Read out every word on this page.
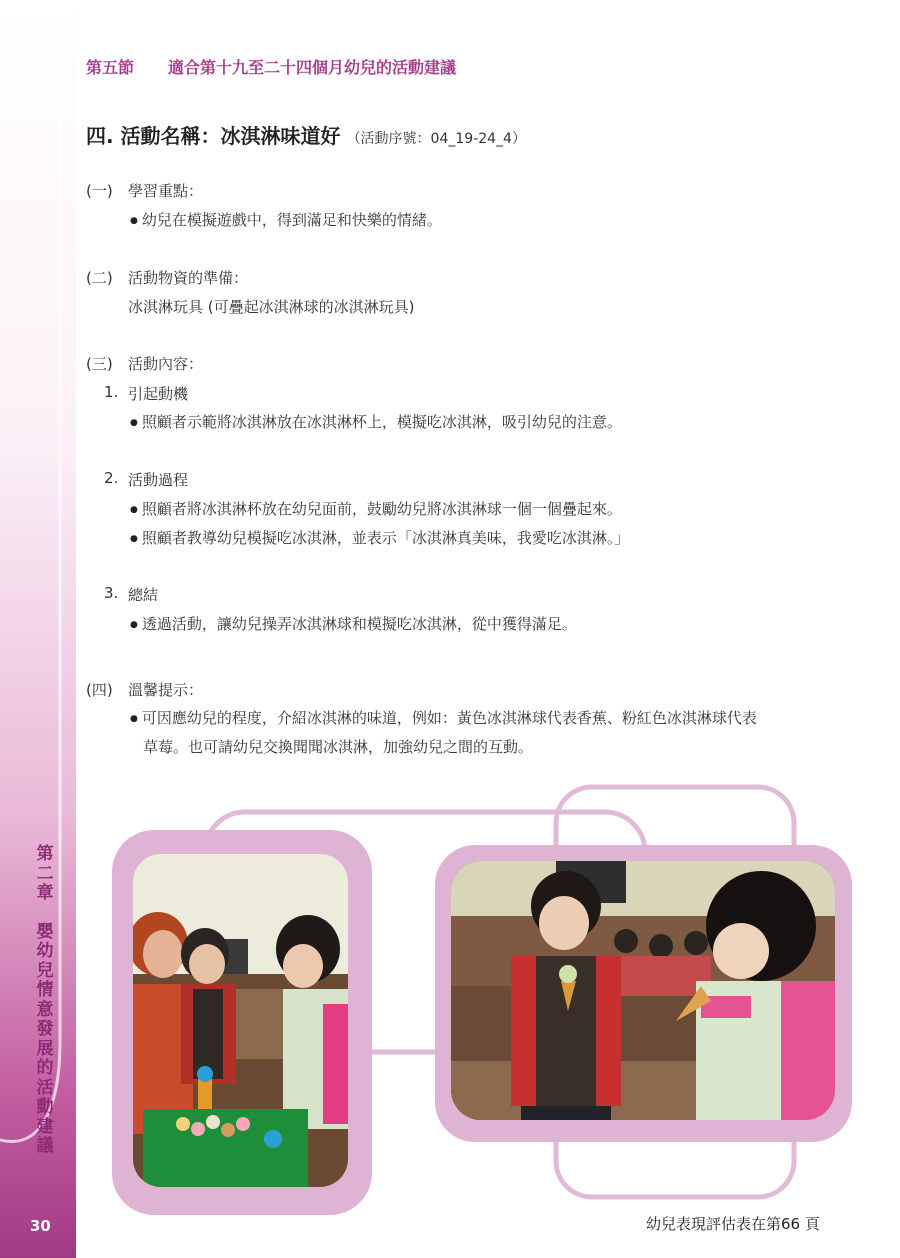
第
二
章
嬰
幼
兒
情
意
發
展
的
活
動
建
議
30
第五節 適合第十九至二十四個月幼兒的活動建議
四. 活動名稱：冰淇淋味道好 （活動序號：04_19-24_4）
(一) 學習重點：
● 幼兒在模擬遊戲中，得到滿足和快樂的情緒。
(二) 活動物資的準備：
冰淇淋玩具 (可疊起冰淇淋球的冰淇淋玩具)
(三) 活動內容：
1. 引起動機
● 照顧者示範將冰淇淋放在冰淇淋杯上，模擬吃冰淇淋，吸引幼兒的注意。
2. 活動過程
● 照顧者將冰淇淋杯放在幼兒面前，鼓勵幼兒將冰淇淋球一個一個疊起來。
● 照顧者教導幼兒模擬吃冰淇淋，並表示「冰淇淋真美味，我愛吃冰淇淋。」
3. 總結
● 透過活動，讓幼兒操弄冰淇淋球和模擬吃冰淇淋，從中獲得滿足。
(四) 溫馨提示：
● 可因應幼兒的程度，介紹冰淇淋的味道，例如：黃色冰淇淋球代表香蕉、粉紅色冰淇淋球代表
草莓。也可請幼兒交換聞聞冰淇淋，加強幼兒之間的互動。
幼兒表現評估表在第66 頁
